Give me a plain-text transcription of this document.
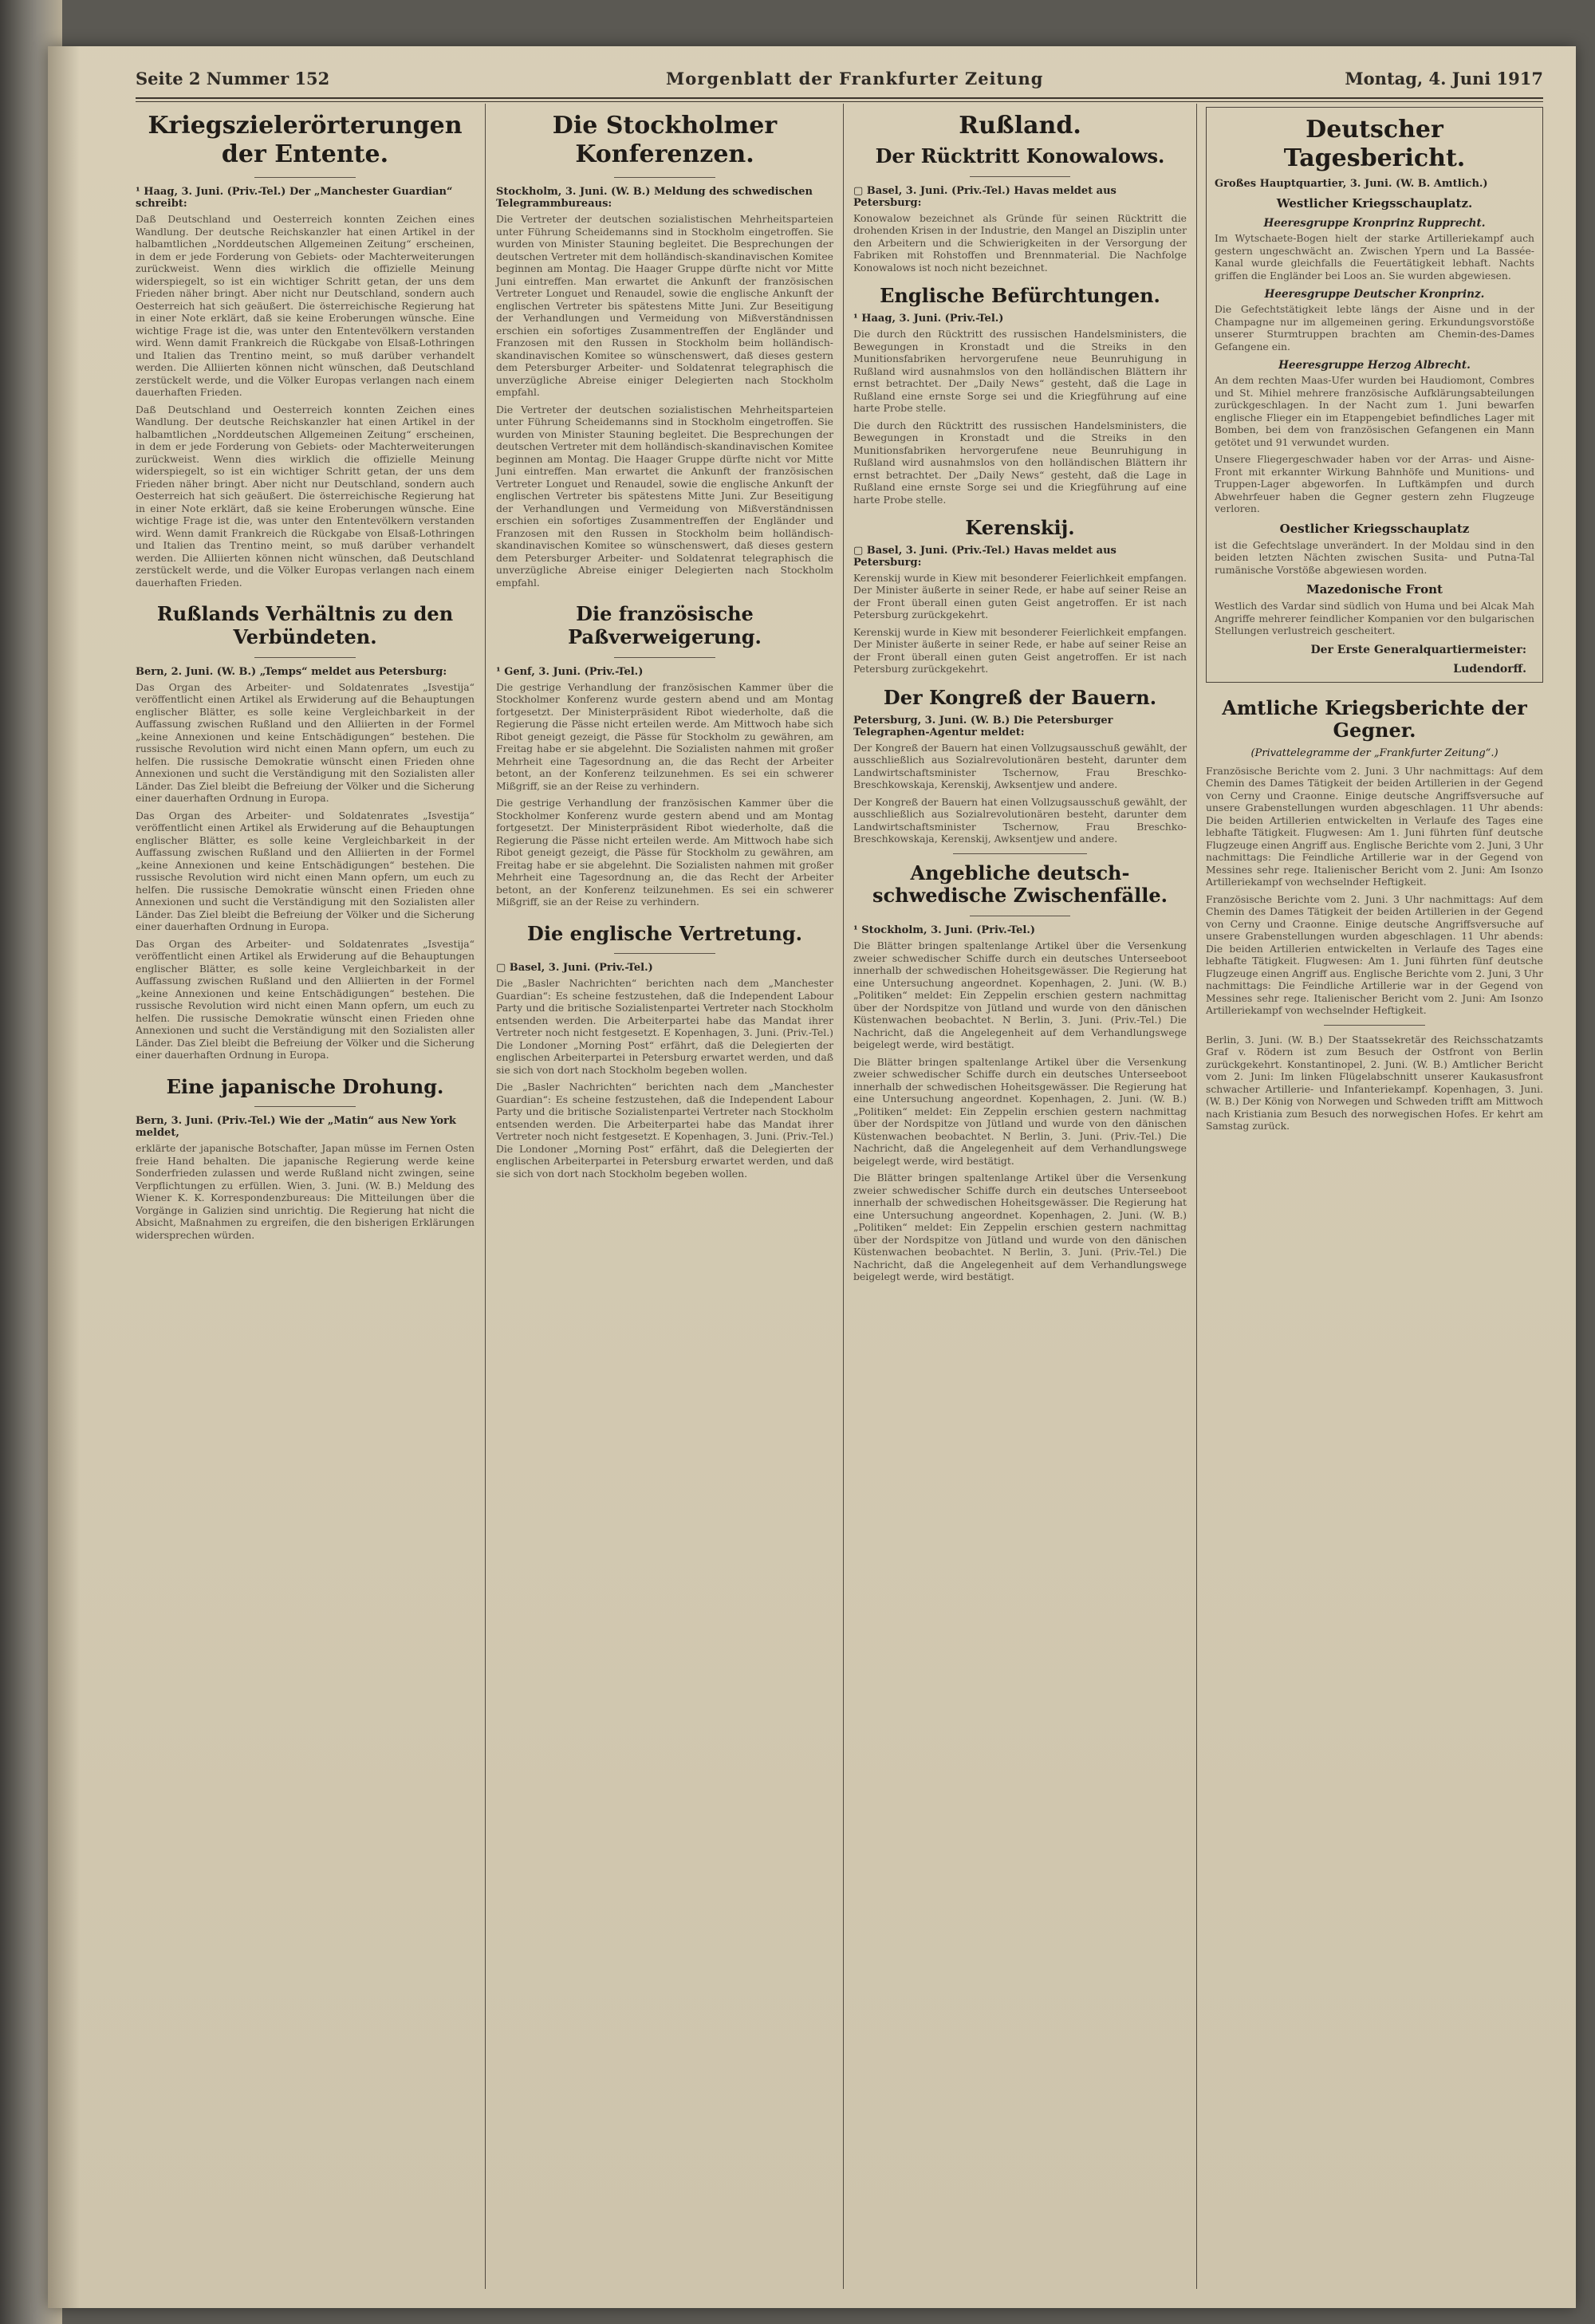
Seite 2 Nummer 152	Morgenblatt der Frankfurter Zeitung	Montag, 4. Juni 1917
Kriegszielerörterungen der Entente.

¹ Haag, 3. Juni. (Priv.-Tel.) Der „Manchester Guardian“ schreibt:

Daß Deutschland und Oesterreich konnten Zeichen eines Wandlung. Der deutsche Reichskanzler hat einen Artikel in der halbamtlichen „Norddeutschen Allgemeinen Zeitung“ erscheinen, in dem er jede Forderung von Gebiets- oder Machterweiterungen zurückweist. Wenn dies wirklich die offizielle Meinung widerspiegelt, so ist ein wichtiger Schritt getan, der uns dem Frieden näher bringt. Aber nicht nur Deutschland, sondern auch Oesterreich hat sich geäußert. Die österreichische Regierung hat in einer Note erklärt, daß sie keine Eroberungen wünsche. Eine wichtige Frage ist die, was unter den Ententevölkern verstanden wird. Wenn damit Frankreich die Rückgabe von Elsaß-Lothringen und Italien das Trentino meint, so muß darüber verhandelt werden. Die Alliierten können nicht wünschen, daß Deutschland zerstückelt werde, und die Völker Europas verlangen nach einem dauerhaften Frieden.

Daß Deutschland und Oesterreich konnten Zeichen eines Wandlung. Der deutsche Reichskanzler hat einen Artikel in der halbamtlichen „Norddeutschen Allgemeinen Zeitung“ erscheinen, in dem er jede Forderung von Gebiets- oder Machterweiterungen zurückweist. Wenn dies wirklich die offizielle Meinung widerspiegelt, so ist ein wichtiger Schritt getan, der uns dem Frieden näher bringt. Aber nicht nur Deutschland, sondern auch Oesterreich hat sich geäußert. Die österreichische Regierung hat in einer Note erklärt, daß sie keine Eroberungen wünsche. Eine wichtige Frage ist die, was unter den Ententevölkern verstanden wird. Wenn damit Frankreich die Rückgabe von Elsaß-Lothringen und Italien das Trentino meint, so muß darüber verhandelt werden. Die Alliierten können nicht wünschen, daß Deutschland zerstückelt werde, und die Völker Europas verlangen nach einem dauerhaften Frieden.

Rußlands Verhältnis zu den Verbündeten.

Bern, 2. Juni. (W. B.) „Temps“ meldet aus Petersburg:

Das Organ des Arbeiter- und Soldatenrates „Isvestija“ veröffentlicht einen Artikel als Erwiderung auf die Behauptungen englischer Blätter, es solle keine Vergleichbarkeit in der Auffassung zwischen Rußland und den Alliierten in der Formel „keine Annexionen und keine Entschädigungen“ bestehen. Die russische Revolution wird nicht einen Mann opfern, um euch zu helfen. Die russische Demokratie wünscht einen Frieden ohne Annexionen und sucht die Verständigung mit den Sozialisten aller Länder. Das Ziel bleibt die Befreiung der Völker und die Sicherung einer dauerhaften Ordnung in Europa.

Das Organ des Arbeiter- und Soldatenrates „Isvestija“ veröffentlicht einen Artikel als Erwiderung auf die Behauptungen englischer Blätter, es solle keine Vergleichbarkeit in der Auffassung zwischen Rußland und den Alliierten in der Formel „keine Annexionen und keine Entschädigungen“ bestehen. Die russische Revolution wird nicht einen Mann opfern, um euch zu helfen. Die russische Demokratie wünscht einen Frieden ohne Annexionen und sucht die Verständigung mit den Sozialisten aller Länder. Das Ziel bleibt die Befreiung der Völker und die Sicherung einer dauerhaften Ordnung in Europa.

Das Organ des Arbeiter- und Soldatenrates „Isvestija“ veröffentlicht einen Artikel als Erwiderung auf die Behauptungen englischer Blätter, es solle keine Vergleichbarkeit in der Auffassung zwischen Rußland und den Alliierten in der Formel „keine Annexionen und keine Entschädigungen“ bestehen. Die russische Revolution wird nicht einen Mann opfern, um euch zu helfen. Die russische Demokratie wünscht einen Frieden ohne Annexionen und sucht die Verständigung mit den Sozialisten aller Länder. Das Ziel bleibt die Befreiung der Völker und die Sicherung einer dauerhaften Ordnung in Europa.

Eine japanische Drohung.

Bern, 3. Juni. (Priv.-Tel.) Wie der „Matin“ aus New York meldet,

erklärte der japanische Botschafter, Japan müsse im Fernen Osten freie Hand behalten. Die japanische Regierung werde keine Sonderfrieden zulassen und werde Rußland nicht zwingen, seine Verpflichtungen zu erfüllen. Wien, 3. Juni. (W. B.) Meldung des Wiener K. K. Korrespondenzbureaus: Die Mitteilungen über die Vorgänge in Galizien sind unrichtig. Die Regierung hat nicht die Absicht, Maßnahmen zu ergreifen, die den bisherigen Erklärungen widersprechen würden.

Die Stockholmer Konferenzen.

Stockholm, 3. Juni. (W. B.) Meldung des schwedischen Telegrammbureaus:

Die Vertreter der deutschen sozialistischen Mehrheitsparteien unter Führung Scheidemanns sind in Stockholm eingetroffen. Sie wurden von Minister Stauning begleitet. Die Besprechungen der deutschen Vertreter mit dem holländisch-skandinavischen Komitee beginnen am Montag. Die Haager Gruppe dürfte nicht vor Mitte Juni eintreffen. Man erwartet die Ankunft der französischen Vertreter Longuet und Renaudel, sowie die englische Ankunft der englischen Vertreter bis spätestens Mitte Juni. Zur Beseitigung der Verhandlungen und Vermeidung von Mißverständnissen erschien ein sofortiges Zusammentreffen der Engländer und Franzosen mit den Russen in Stockholm beim holländisch-skandinavischen Komitee so wünschenswert, daß dieses gestern dem Petersburger Arbeiter- und Soldatenrat telegraphisch die unverzügliche Abreise einiger Delegierten nach Stockholm empfahl.

Die Vertreter der deutschen sozialistischen Mehrheitsparteien unter Führung Scheidemanns sind in Stockholm eingetroffen. Sie wurden von Minister Stauning begleitet. Die Besprechungen der deutschen Vertreter mit dem holländisch-skandinavischen Komitee beginnen am Montag. Die Haager Gruppe dürfte nicht vor Mitte Juni eintreffen. Man erwartet die Ankunft der französischen Vertreter Longuet und Renaudel, sowie die englische Ankunft der englischen Vertreter bis spätestens Mitte Juni. Zur Beseitigung der Verhandlungen und Vermeidung von Mißverständnissen erschien ein sofortiges Zusammentreffen der Engländer und Franzosen mit den Russen in Stockholm beim holländisch-skandinavischen Komitee so wünschenswert, daß dieses gestern dem Petersburger Arbeiter- und Soldatenrat telegraphisch die unverzügliche Abreise einiger Delegierten nach Stockholm empfahl.

Die französische Paßverweigerung.

¹ Genf, 3. Juni. (Priv.-Tel.)

Die gestrige Verhandlung der französischen Kammer über die Stockholmer Konferenz wurde gestern abend und am Montag fortgesetzt. Der Ministerpräsident Ribot wiederholte, daß die Regierung die Pässe nicht erteilen werde. Am Mittwoch habe sich Ribot geneigt gezeigt, die Pässe für Stockholm zu gewähren, am Freitag habe er sie abgelehnt. Die Sozialisten nahmen mit großer Mehrheit eine Tagesordnung an, die das Recht der Arbeiter betont, an der Konferenz teilzunehmen. Es sei ein schwerer Mißgriff, sie an der Reise zu verhindern.

Die gestrige Verhandlung der französischen Kammer über die Stockholmer Konferenz wurde gestern abend und am Montag fortgesetzt. Der Ministerpräsident Ribot wiederholte, daß die Regierung die Pässe nicht erteilen werde. Am Mittwoch habe sich Ribot geneigt gezeigt, die Pässe für Stockholm zu gewähren, am Freitag habe er sie abgelehnt. Die Sozialisten nahmen mit großer Mehrheit eine Tagesordnung an, die das Recht der Arbeiter betont, an der Konferenz teilzunehmen. Es sei ein schwerer Mißgriff, sie an der Reise zu verhindern.

Die englische Vertretung.

▢ Basel, 3. Juni. (Priv.-Tel.)

Die „Basler Nachrichten“ berichten nach dem „Manchester Guardian“: Es scheine festzustehen, daß die Independent Labour Party und die britische Sozialistenpartei Vertreter nach Stockholm entsenden werden. Die Arbeiterpartei habe das Mandat ihrer Vertreter noch nicht festgesetzt. E Kopenhagen, 3. Juni. (Priv.-Tel.) Die Londoner „Morning Post“ erfährt, daß die Delegierten der englischen Arbeiterpartei in Petersburg erwartet werden, und daß sie sich von dort nach Stockholm begeben wollen.

Die „Basler Nachrichten“ berichten nach dem „Manchester Guardian“: Es scheine festzustehen, daß die Independent Labour Party und die britische Sozialistenpartei Vertreter nach Stockholm entsenden werden. Die Arbeiterpartei habe das Mandat ihrer Vertreter noch nicht festgesetzt. E Kopenhagen, 3. Juni. (Priv.-Tel.) Die Londoner „Morning Post“ erfährt, daß die Delegierten der englischen Arbeiterpartei in Petersburg erwartet werden, und daß sie sich von dort nach Stockholm begeben wollen.

Rußland.
Der Rücktritt Konowalows.

▢ Basel, 3. Juni. (Priv.-Tel.) Havas meldet aus Petersburg:

Konowalow bezeichnet als Gründe für seinen Rücktritt die drohenden Krisen in der Industrie, den Mangel an Disziplin unter den Arbeitern und die Schwierigkeiten in der Versorgung der Fabriken mit Rohstoffen und Brennmaterial. Die Nachfolge Konowalows ist noch nicht bezeichnet.

Englische Befürchtungen.

¹ Haag, 3. Juni. (Priv.-Tel.)

Die durch den Rücktritt des russischen Handelsministers, die Bewegungen in Kronstadt und die Streiks in den Munitionsfabriken hervorgerufene neue Beunruhigung in Rußland wird ausnahmslos von den holländischen Blättern ihr ernst betrachtet. Der „Daily News“ gesteht, daß die Lage in Rußland eine ernste Sorge sei und die Kriegführung auf eine harte Probe stelle.

Die durch den Rücktritt des russischen Handelsministers, die Bewegungen in Kronstadt und die Streiks in den Munitionsfabriken hervorgerufene neue Beunruhigung in Rußland wird ausnahmslos von den holländischen Blättern ihr ernst betrachtet. Der „Daily News“ gesteht, daß die Lage in Rußland eine ernste Sorge sei und die Kriegführung auf eine harte Probe stelle.

Kerenskij.

▢ Basel, 3. Juni. (Priv.-Tel.) Havas meldet aus Petersburg:

Kerenskij wurde in Kiew mit besonderer Feierlichkeit empfangen. Der Minister äußerte in seiner Rede, er habe auf seiner Reise an der Front überall einen guten Geist angetroffen. Er ist nach Petersburg zurückgekehrt.

Kerenskij wurde in Kiew mit besonderer Feierlichkeit empfangen. Der Minister äußerte in seiner Rede, er habe auf seiner Reise an der Front überall einen guten Geist angetroffen. Er ist nach Petersburg zurückgekehrt.

Der Kongreß der Bauern.

Petersburg, 3. Juni. (W. B.) Die Petersburger Telegraphen-Agentur meldet:

Der Kongreß der Bauern hat einen Vollzugsausschuß gewählt, der ausschließlich aus Sozialrevolutionären besteht, darunter dem Landwirtschaftsminister Tschernow, Frau Breschko-Breschkowskaja, Kerenskij, Awksentjew und andere.

Der Kongreß der Bauern hat einen Vollzugsausschuß gewählt, der ausschließlich aus Sozialrevolutionären besteht, darunter dem Landwirtschaftsminister Tschernow, Frau Breschko-Breschkowskaja, Kerenskij, Awksentjew und andere.

Angebliche deutsch-schwedische Zwischenfälle.

¹ Stockholm, 3. Juni. (Priv.-Tel.)

Die Blätter bringen spaltenlange Artikel über die Versenkung zweier schwedischer Schiffe durch ein deutsches Unterseeboot innerhalb der schwedischen Hoheitsgewässer. Die Regierung hat eine Untersuchung angeordnet. Kopenhagen, 2. Juni. (W. B.) „Politiken“ meldet: Ein Zeppelin erschien gestern nachmittag über der Nordspitze von Jütland und wurde von den dänischen Küstenwachen beobachtet. N Berlin, 3. Juni. (Priv.-Tel.) Die Nachricht, daß die Angelegenheit auf dem Verhandlungswege beigelegt werde, wird bestätigt.

Die Blätter bringen spaltenlange Artikel über die Versenkung zweier schwedischer Schiffe durch ein deutsches Unterseeboot innerhalb der schwedischen Hoheitsgewässer. Die Regierung hat eine Untersuchung angeordnet. Kopenhagen, 2. Juni. (W. B.) „Politiken“ meldet: Ein Zeppelin erschien gestern nachmittag über der Nordspitze von Jütland und wurde von den dänischen Küstenwachen beobachtet. N Berlin, 3. Juni. (Priv.-Tel.) Die Nachricht, daß die Angelegenheit auf dem Verhandlungswege beigelegt werde, wird bestätigt.

Die Blätter bringen spaltenlange Artikel über die Versenkung zweier schwedischer Schiffe durch ein deutsches Unterseeboot innerhalb der schwedischen Hoheitsgewässer. Die Regierung hat eine Untersuchung angeordnet. Kopenhagen, 2. Juni. (W. B.) „Politiken“ meldet: Ein Zeppelin erschien gestern nachmittag über der Nordspitze von Jütland und wurde von den dänischen Küstenwachen beobachtet. N Berlin, 3. Juni. (Priv.-Tel.) Die Nachricht, daß die Angelegenheit auf dem Verhandlungswege beigelegt werde, wird bestätigt.

Deutscher Tagesbericht.

Großes Hauptquartier, 3. Juni. (W. B. Amtlich.)

Westlicher Kriegsschauplatz.
Heeresgruppe Kronprinz Rupprecht.

Im Wytschaete-Bogen hielt der starke Artilleriekampf auch gestern ungeschwächt an. Zwischen Ypern und La Bassée-Kanal wurde gleichfalls die Feuertätigkeit lebhaft. Nachts griffen die Engländer bei Loos an. Sie wurden abgewiesen.

Heeresgruppe Deutscher Kronprinz.

Die Gefechtstätigkeit lebte längs der Aisne und in der Champagne nur im allgemeinen gering. Erkundungsvorstöße unserer Sturmtruppen brachten am Chemin-des-Dames Gefangene ein.

Heeresgruppe Herzog Albrecht.

An dem rechten Maas-Ufer wurden bei Haudiomont, Combres und St. Mihiel mehrere französische Aufklärungsabteilungen zurückgeschlagen. In der Nacht zum 1. Juni bewarfen englische Flieger ein im Etappengebiet befindliches Lager mit Bomben, bei dem von französischen Gefangenen ein Mann getötet und 91 verwundet wurden.

Unsere Fliegergeschwader haben vor der Arras- und Aisne-Front mit erkannter Wirkung Bahnhöfe und Munitions- und Truppen-Lager abgeworfen. In Luftkämpfen und durch Abwehrfeuer haben die Gegner gestern zehn Flugzeuge verloren.

Oestlicher Kriegsschauplatz

ist die Gefechtslage unverändert. In der Moldau sind in den beiden letzten Nächten zwischen Susita- und Putna-Tal rumänische Vorstöße abgewiesen worden.

Mazedonische Front

Westlich des Vardar sind südlich von Huma und bei Alcak Mah Angriffe mehrerer feindlicher Kompanien vor den bulgarischen Stellungen verlustreich gescheitert.

Der Erste Generalquartiermeister:
Ludendorff.
Amtliche Kriegsberichte der Gegner.
(Privattelegramme der „Frankfurter Zeitung“.)

Französische Berichte vom 2. Juni. 3 Uhr nachmittags: Auf dem Chemin des Dames Tätigkeit der beiden Artillerien in der Gegend von Cerny und Craonne. Einige deutsche Angriffsversuche auf unsere Grabenstellungen wurden abgeschlagen. 11 Uhr abends: Die beiden Artillerien entwickelten in Verlaufe des Tages eine lebhafte Tätigkeit. Flugwesen: Am 1. Juni führten fünf deutsche Flugzeuge einen Angriff aus. Englische Berichte vom 2. Juni, 3 Uhr nachmittags: Die Feindliche Artillerie war in der Gegend von Messines sehr rege. Italienischer Bericht vom 2. Juni: Am Isonzo Artilleriekampf von wechselnder Heftigkeit.

Französische Berichte vom 2. Juni. 3 Uhr nachmittags: Auf dem Chemin des Dames Tätigkeit der beiden Artillerien in der Gegend von Cerny und Craonne. Einige deutsche Angriffsversuche auf unsere Grabenstellungen wurden abgeschlagen. 11 Uhr abends: Die beiden Artillerien entwickelten in Verlaufe des Tages eine lebhafte Tätigkeit. Flugwesen: Am 1. Juni führten fünf deutsche Flugzeuge einen Angriff aus. Englische Berichte vom 2. Juni, 3 Uhr nachmittags: Die Feindliche Artillerie war in der Gegend von Messines sehr rege. Italienischer Bericht vom 2. Juni: Am Isonzo Artilleriekampf von wechselnder Heftigkeit.

Berlin, 3. Juni. (W. B.) Der Staatssekretär des Reichsschatzamts Graf v. Rödern ist zum Besuch der Ostfront von Berlin zurückgekehrt. Konstantinopel, 2. Juni. (W. B.) Amtlicher Bericht vom 2. Juni: Im linken Flügelabschnitt unserer Kaukasusfront schwacher Artillerie- und Infanteriekampf. Kopenhagen, 3. Juni. (W. B.) Der König von Norwegen und Schweden trifft am Mittwoch nach Kristiania zum Besuch des norwegischen Hofes. Er kehrt am Samstag zurück.
